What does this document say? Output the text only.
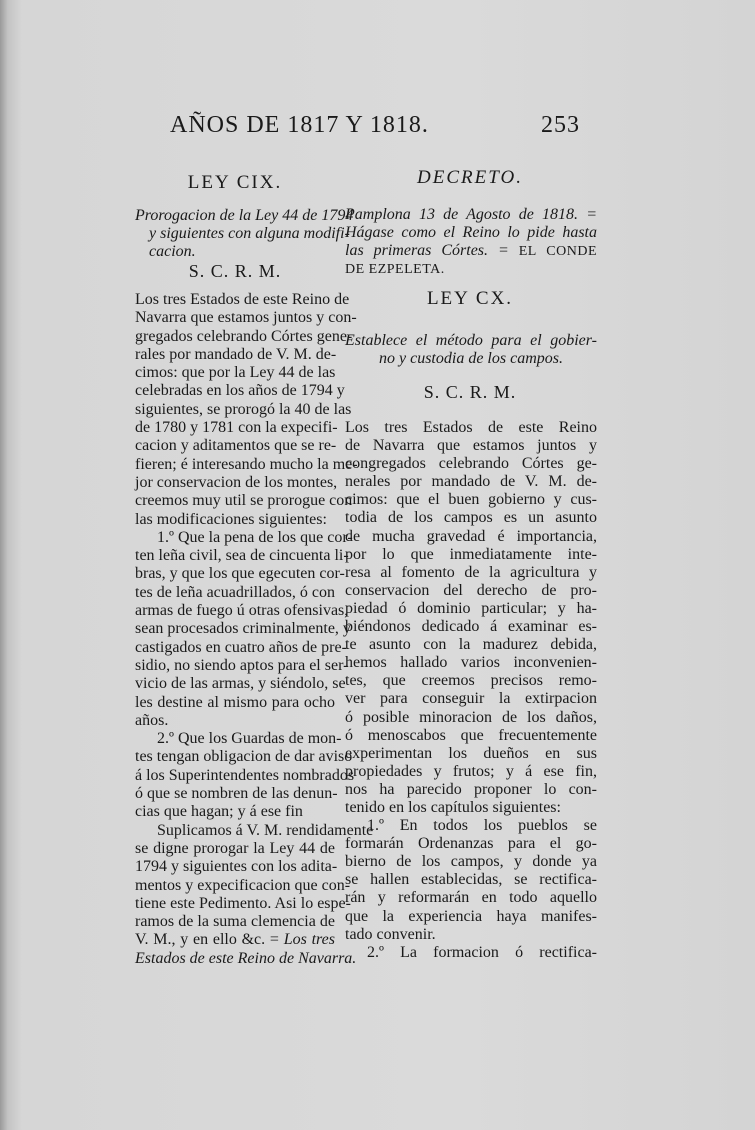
AÑOS DE 1817 Y 1818.	253
LEY CIX.
Prorogacion de la Ley 44 de 1794
y siguientes con alguna modifi-
cacion.
S. C. R. M.
Los tres Estados de este Reino de
Navarra que estamos juntos y con-
gregados celebrando Córtes gene-
rales por mandado de V. M. de-
cimos: que por la Ley 44 de las
celebradas en los años de 1794 y
siguientes, se prorogó la 40 de las
de 1780 y 1781 con la expecifi-
cacion y aditamentos que se re-
fieren; é interesando mucho la me-
jor conservacion de los montes,
creemos muy util se prorogue con
las modificaciones siguientes:
1.º Que la pena de los que cor-
ten leña civil, sea de cincuenta li-
bras, y que los que egecuten cor-
tes de leña acuadrillados, ó con
armas de fuego ú otras ofensivas,
sean procesados criminalmente, y
castigados en cuatro años de pre-
sidio, no siendo aptos para el ser-
vicio de las armas, y siéndolo, se
les destine al mismo para ocho
años.
2.º Que los Guardas de mon-
tes tengan obligacion de dar aviso
á los Superintendentes nombrados
ó que se nombren de las denun-
cias que hagan; y á ese fin
Suplicamos á V. M. rendidamente
se digne prorogar la Ley 44 de
1794 y siguientes con los adita-
mentos y expecificacion que con-
tiene este Pedimento. Asi lo espe-
ramos de la suma clemencia de
V. M., y en ello &c. = Los tres
Estados de este Reino de Navarra.
DECRETO.
Pamplona 13 de Agosto de 1818. =
Hágase como el Reino lo pide hasta
las primeras Córtes. = EL CONDE
DE EZPELETA.
LEY CX.
Establece el método para el gobier-
no y custodia de los campos.
S. C. R. M.
Los tres Estados de este Reino
de Navarra que estamos juntos y
congregados celebrando Córtes ge-
nerales por mandado de V. M. de-
cimos: que el buen gobierno y cus-
todia de los campos es un asunto
de mucha gravedad é importancia,
por lo que inmediatamente inte-
resa al fomento de la agricultura y
conservacion del derecho de pro-
piedad ó dominio particular; y ha-
biéndonos dedicado á examinar es-
te asunto con la madurez debida,
hemos hallado varios inconvenien-
tes, que creemos precisos remo-
ver para conseguir la extirpacion
ó posible minoracion de los daños,
ó menoscabos que frecuentemente
experimentan los dueños en sus
propiedades y frutos; y á ese fin,
nos ha parecido proponer lo con-
tenido en los capítulos siguientes:
1.º En todos los pueblos se
formarán Ordenanzas para el go-
bierno de los campos, y donde ya
se hallen establecidas, se rectifica-
rán y reformarán en todo aquello
que la experiencia haya manifes-
tado convenir.
2.º La formacion ó rectifica-
